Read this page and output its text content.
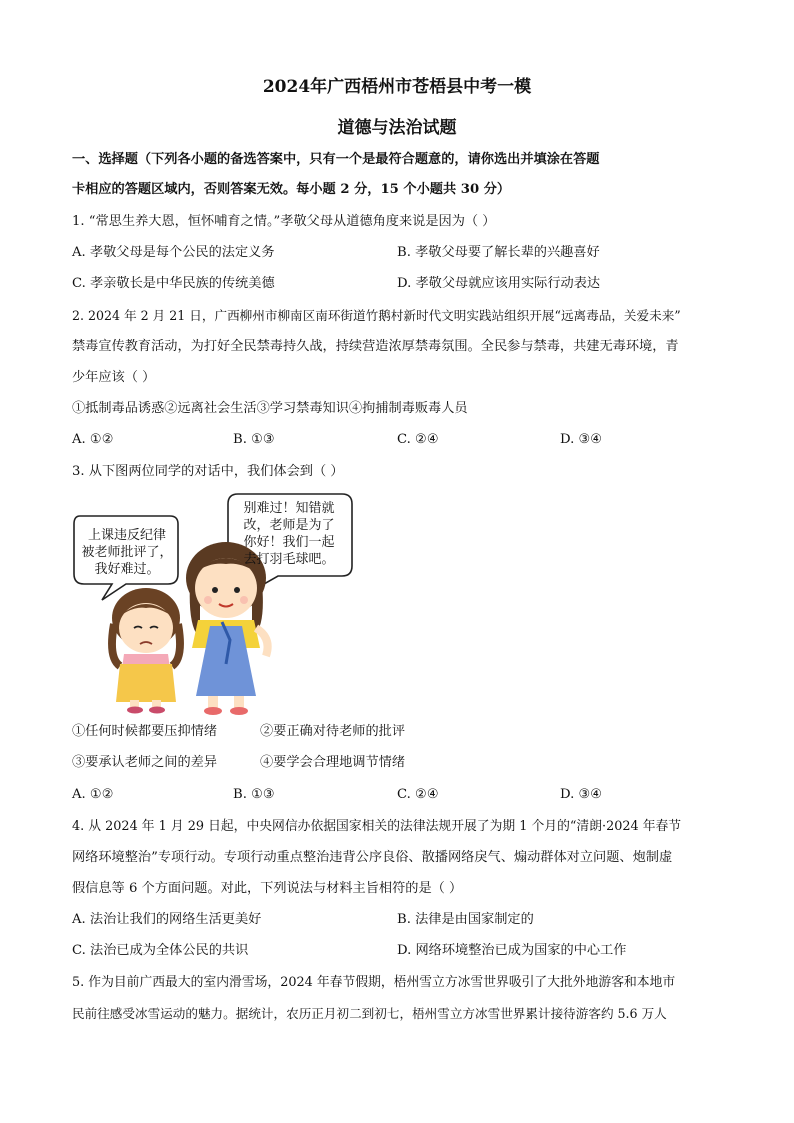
2024年广西梧州市苍梧县中考一模
道德与法治试题
一、选择题（下列各小题的备选答案中，只有一个是最符合题意的，请你选出并填涂在答题
卡相应的答题区域内，否则答案无效。每小题 2 分，15 个小题共 30 分）
1. “常思生养大恩，恒怀哺育之情。”孝敬父母从道德角度来说是因为（ ）
A. 孝敬父母是每个公民的法定义务	B. 孝敬父母要了解长辈的兴趣喜好
C. 孝亲敬长是中华民族的传统美德	D. 孝敬父母就应该用实际行动表达
2. 2024 年 2 月 21 日，广西柳州市柳南区南环街道竹鹅村新时代文明实践站组织开展“远离毒品，关爱未来”
禁毒宣传教育活动，为打好全民禁毒持久战，持续营造浓厚禁毒氛围。全民参与禁毒，共建无毒环境，青
少年应该（ ）
①抵制毒品诱惑②远离社会生活③学习禁毒知识④拘捕制毒贩毒人员
A. ①②	B. ①③	C. ②④	D. ③④
3. 从下图两位同学的对话中，我们体会到（ ）
上课违反纪律
被老师批评了，
我好难过。
别难过！知错就
改，老师是为了
你好！我们一起
去打羽毛球吧。
①任何时候都要压抑情绪	②要正确对待老师的批评
③要承认老师之间的差异	④要学会合理地调节情绪
A. ①②	B. ①③	C. ②④	D. ③④
4. 从 2024 年 1 月 29 日起，中央网信办依据国家相关的法律法规开展了为期 1 个月的“清朗·2024 年春节
网络环境整治”专项行动。专项行动重点整治违背公序良俗、散播网络戾气、煽动群体对立问题、炮制虚
假信息等 6 个方面问题。对此，下列说法与材料主旨相符的是（ ）
A. 法治让我们的网络生活更美好	B. 法律是由国家制定的
C. 法治已成为全体公民的共识	D. 网络环境整治已成为国家的中心工作
5. 作为目前广西最大的室内滑雪场，2024 年春节假期，梧州雪立方冰雪世界吸引了大批外地游客和本地市
民前往感受冰雪运动的魅力。据统计，农历正月初二到初七，梧州雪立方冰雪世界累计接待游客约 5.6 万人
